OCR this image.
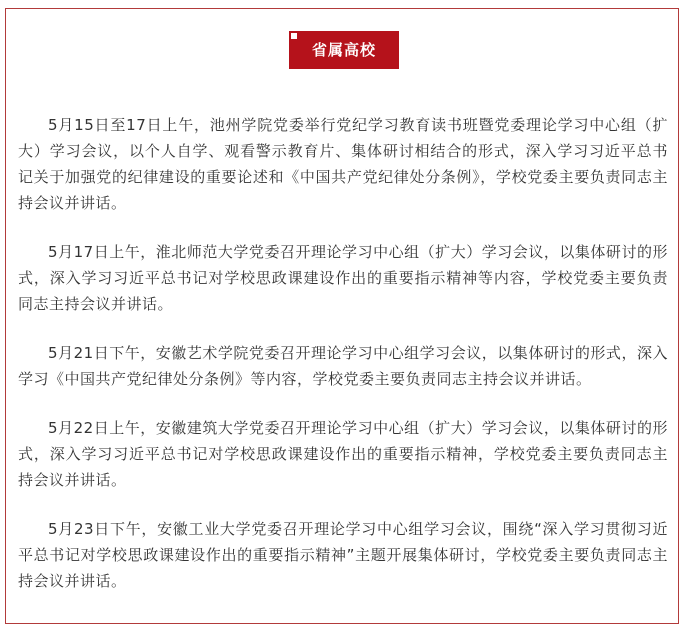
省属高校

5月15日至17日上午，池州学院党委举行党纪学习教育读书班暨党委理论学习中心组（扩大）学习会议，以个人自学、观看警示教育片、集体研讨相结合的形式，深入学习习近平总书记关于加强党的纪律建设的重要论述和《中国共产党纪律处分条例》，学校党委主要负责同志主持会议并讲话。

5月17日上午，淮北师范大学党委召开理论学习中心组（扩大）学习会议，以集体研讨的形式，深入学习习近平总书记对学校思政课建设作出的重要指示精神等内容，学校党委主要负责同志主持会议并讲话。

5月21日下午，安徽艺术学院党委召开理论学习中心组学习会议，以集体研讨的形式，深入学习《中国共产党纪律处分条例》等内容，学校党委主要负责同志主持会议并讲话。

5月22日上午，安徽建筑大学党委召开理论学习中心组（扩大）学习会议，以集体研讨的形式，深入学习习近平总书记对学校思政课建设作出的重要指示精神，学校党委主要负责同志主持会议并讲话。

5月23日下午，安徽工业大学党委召开理论学习中心组学习会议，围绕“深入学习贯彻习近平总书记对学校思政课建设作出的重要指示精神”主题开展集体研讨，学校党委主要负责同志主持会议并讲话。
